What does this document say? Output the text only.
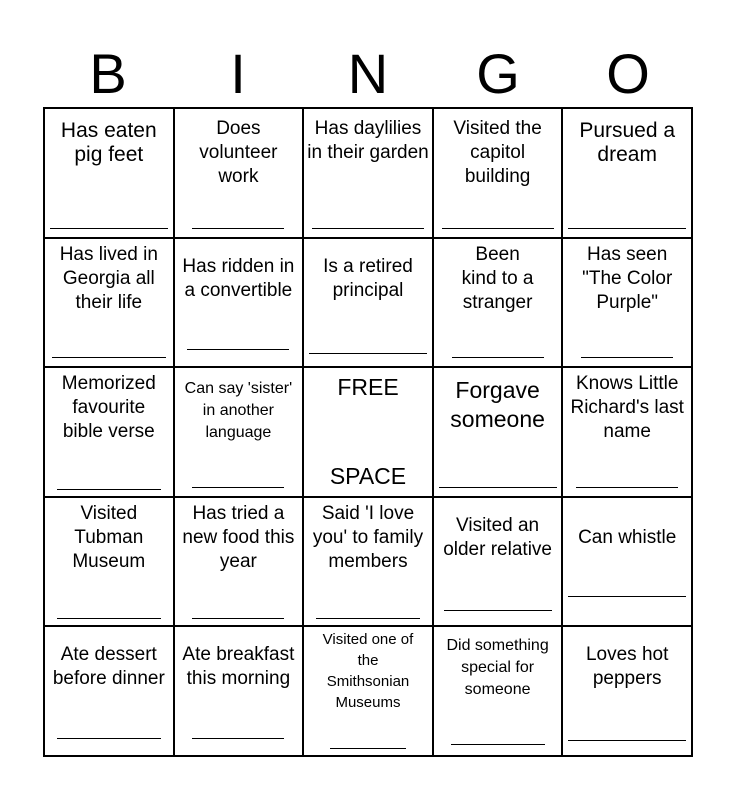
B	I	N	G	O
Has eaten pig feet
Does volunteer work
Has daylilies in their garden
Visited the capitol building
Pursued a dream
Has lived in Georgia all their life
Has ridden in a convertible
Is a retired principal
Been kind to a stranger
Has seen "The Color Purple"
Memorized favourite bible verse
Can say 'sister' in another language
FREE
SPACE
Forgave someone
Knows Little Richard's last name
Visited Tubman Museum
Has tried a new food this year
Said 'I love you' to family members
Visited an older relative
Can whistle
Ate dessert before dinner
Ate breakfast this morning
Visited one of the Smithsonian Museums
Did something special for someone
Loves hot peppers
